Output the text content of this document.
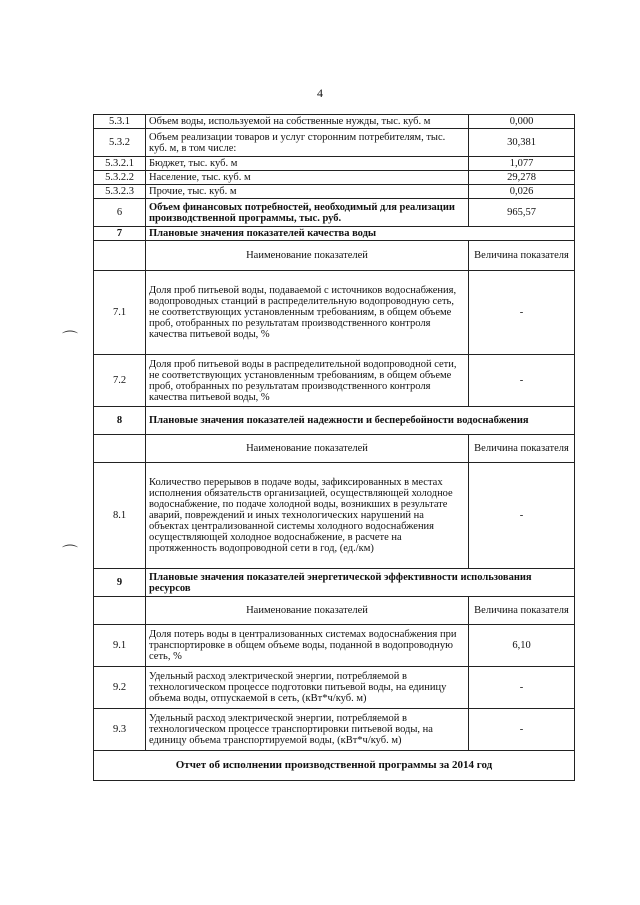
4
⌒
⌒
5.3.1	Объем воды, используемой на собственные нужды, тыс. куб. м	0,000
5.3.2	Объем реализации товаров и услуг сторонним потребителям, тыс. куб. м, в том числе:	30,381
5.3.2.1	Бюджет, тыс. куб. м	1,077
5.3.2.2	Население, тыс. куб. м	29,278
5.3.2.3	Прочие, тыс. куб. м	0,026
6	Объем финансовых потребностей, необходимый для реализации производственной программы, тыс. руб.	965,57
7	Плановые значения показателей качества воды	
	Наименование показателей	Величина показателя
7.1	Доля проб питьевой воды, подаваемой с источников водоснабжения, водопроводных станций в распределительную водопроводную сеть, не соответствующих установленным требованиям, в общем объеме проб, отобранных по результатам производственного контроля качества питьевой воды, %	-
7.2	Доля проб питьевой воды в распределительной водопроводной сети, не соответствующих установленным требованиям, в общем объеме проб, отобранных по результатам производственного контроля качества питьевой воды, %	-
8	Плановые значения показателей надежности и бесперебойности водоснабжения	
	Наименование показателей	Величина показателя
8.1	Количество перерывов в подаче воды, зафиксированных в местах исполнения обязательств организацией, осуществляющей холодное водоснабжение, по подаче холодной воды, возникших в результате аварий, повреждений и иных технологических нарушений на объектах централизованной системы холодного водоснабжения осуществляющей холодное водоснабжение, в расчете на протяженность водопроводной сети в год, (ед./км)	-
9	Плановые значения показателей энергетической эффективности использования ресурсов	
	Наименование показателей	Величина показателя
9.1	Доля потерь воды в централизованных системах водоснабжения при транспортировке в общем объеме воды, поданной в водопроводную сеть, %	6,10
9.2	Удельный расход электрической энергии, потребляемой в технологическом процессе подготовки питьевой воды, на единицу объема воды, отпускаемой в сеть, (кВт*ч/куб. м)	-
9.3	Удельный расход электрической энергии, потребляемой в технологическом процессе транспортировки питьевой воды, на единицу объема транспортируемой воды, (кВт*ч/куб. м)	-
Отчет об исполнении производственной программы за 2014 год		
